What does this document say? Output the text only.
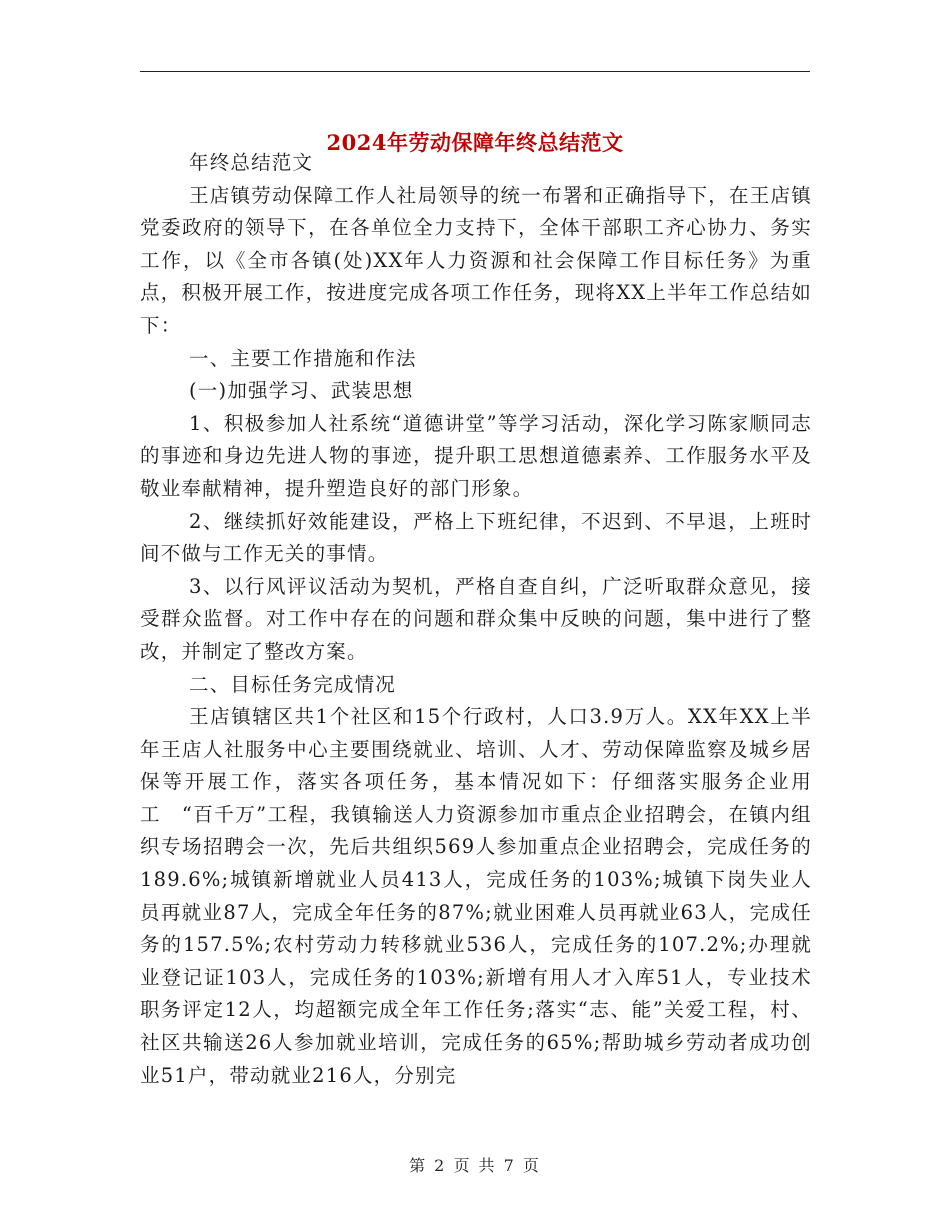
2024年劳动保障年终总结范文

年终总结范文

王店镇劳动保障工作人社局领导的统一布署和正确指导下，在王店镇党委政府的领导下，在各单位全力支持下，全体干部职工齐心协力、务实工作，以《全市各镇(处)XX年人力资源和社会保障工作目标任务》为重点，积极开展工作，按进度完成各项工作任务，现将XX上半年工作总结如下：

一、主要工作措施和作法

(一)加强学习、武装思想

1、积极参加人社系统“道德讲堂”等学习活动，深化学习陈家顺同志的事迹和身边先进人物的事迹，提升职工思想道德素养、工作服务水平及敬业奉献精神，提升塑造良好的部门形象。

2、继续抓好效能建设，严格上下班纪律，不迟到、不早退，上班时间不做与工作无关的事情。

3、以行风评议活动为契机，严格自查自纠，广泛听取群众意见，接受群众监督。对工作中存在的问题和群众集中反映的问题，集中进行了整改，并制定了整改方案。

二、目标任务完成情况

王店镇辖区共1个社区和15个行政村，人口3.9万人。XX年XX上半年王店人社服务中心主要围绕就业、培训、人才、劳动保障监察及城乡居保等开展工作，落实各项任务，基本情况如下：仔细落实服务企业用工　“百千万”工程，我镇输送人力资源参加市重点企业招聘会，在镇内组织专场招聘会一次，先后共组织569人参加重点企业招聘会，完成任务的189.6%;城镇新增就业人员413人，完成任务的103%;城镇下岗失业人员再就业87人，完成全年任务的87%;就业困难人员再就业63人，完成任务的157.5%;农村劳动力转移就业536人，完成任务的107.2%;办理就业登记证103人，完成任务的103%;新增有用人才入库51人，专业技术职务评定12人，均超额完成全年工作任务;落实“志、能”关爱工程，村、社区共输送26人参加就业培训，完成任务的65%;帮助城乡劳动者成功创业51户，带动就业216人，分别完

第 2 页 共 7 页
